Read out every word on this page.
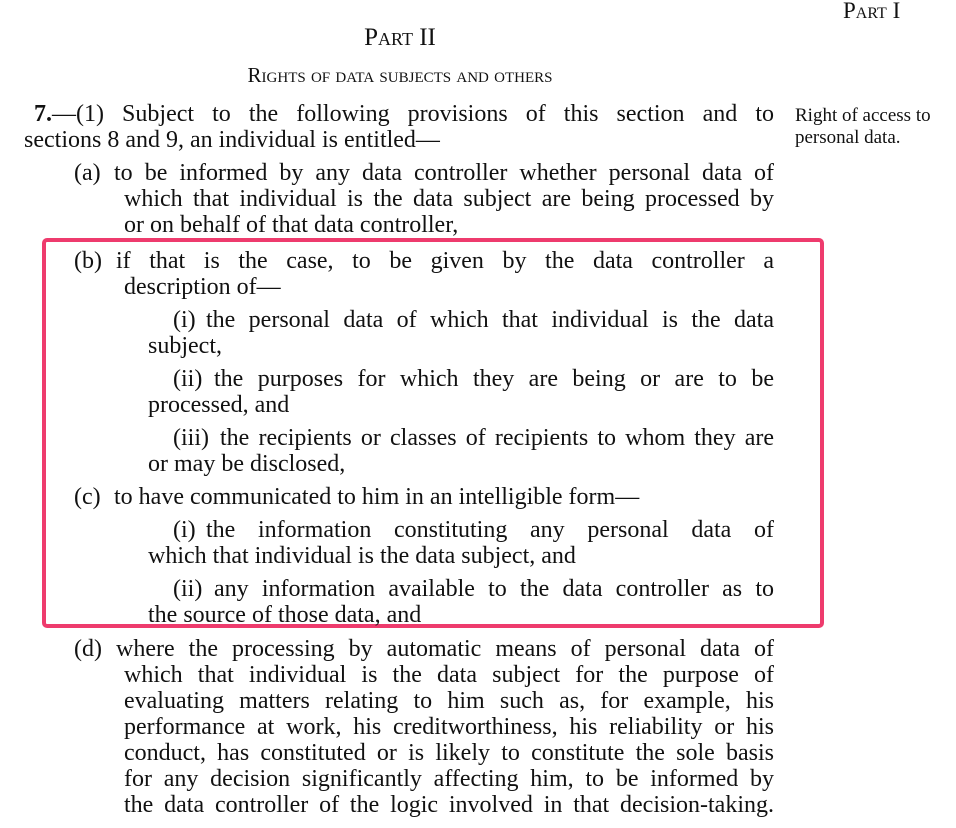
Part I
Part II
Rights of data subjects and others
Right of access to
personal data.
7.—(1) Subject to the following provisions of this section and to
sections 8 and 9, an individual is entitled—
(a) to be informed by any data controller whether personal data of
which that individual is the data subject are being processed by
or on behalf of that data controller,
(b) if that is the case, to be given by the data controller a
description of—
(i) the personal data of which that individual is the data
subject,
(ii) the purposes for which they are being or are to be
processed, and
(iii) the recipients or classes of recipients to whom they are
or may be disclosed,
(c) to have communicated to him in an intelligible form—
(i) the information constituting any personal data of
which that individual is the data subject, and
(ii) any information available to the data controller as to
the source of those data, and
(d) where the processing by automatic means of personal data of
which that individual is the data subject for the purpose of
evaluating matters relating to him such as, for example, his
performance at work, his creditworthiness, his reliability or his
conduct, has constituted or is likely to constitute the sole basis
for any decision significantly affecting him, to be informed by
the data controller of the logic involved in that decision-taking.
